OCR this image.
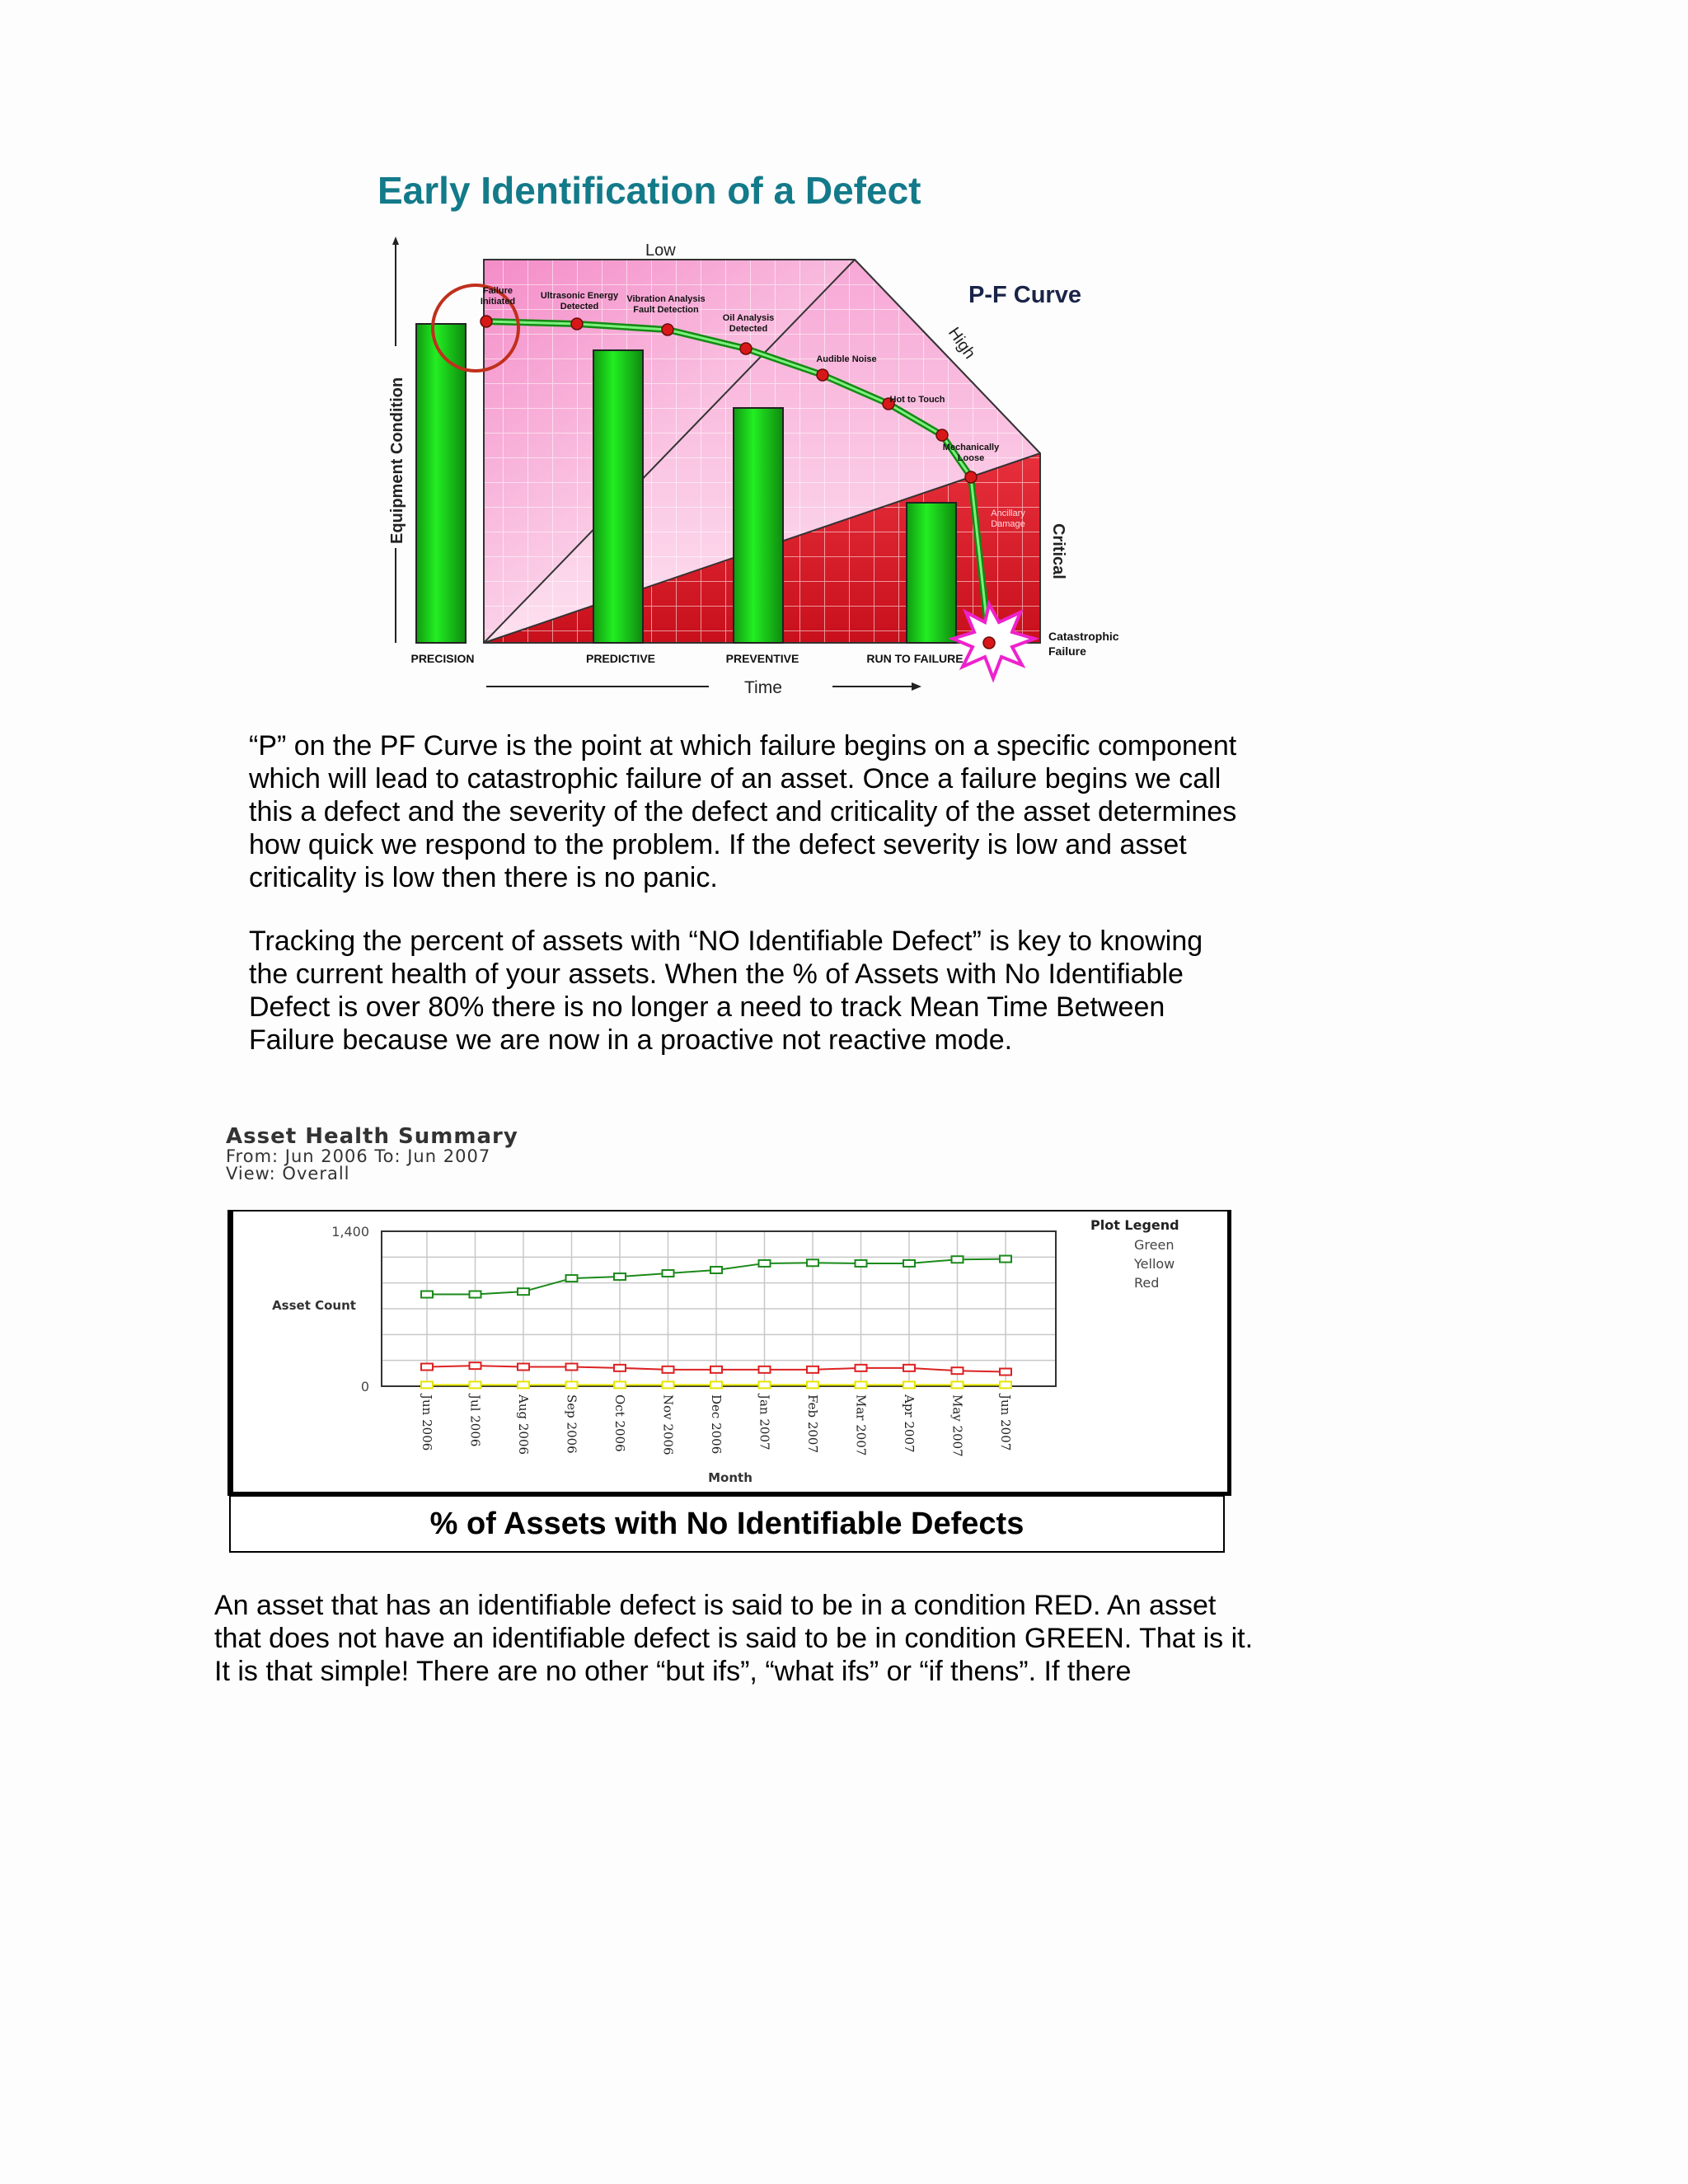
Early Identification of a Defect
Failure Initiated
Ultrasonic Energy Detected
Vibration Analysis Fault Detection
Oil Analysis Detected
Audible Noise
Hot to Touch
Mechanically Loose
Ancillary Damage
Catastrophic Failure
P-F Curve
Low
High
Critical
Equipment Condition
PRECISION	PREDICTIVE	PREVENTIVE	RUN TO FAILURE
Time
“P” on the PF Curve is the point at which failure begins on a specific component which will lead to catastrophic failure of an asset. Once a failure begins we call this a defect and the severity of the defect and criticality of the asset determines how quick we respond to the problem. If the defect severity is low and asset criticality is low then there is no panic.
Tracking the percent of assets with “NO Identifiable Defect” is key to knowing the current health of your assets. When the % of Assets with No Identifiable Defect is over 80% there is no longer a need to track Mean Time Between Failure because we are now in a proactive not reactive mode.
Asset Health Summary
From: Jun 2006 To: Jun 2007
View: Overall
1,400
0
Asset Count
Jun 2006	Jul 2006	Aug 2006	Sep 2006	Oct 2006	Nov 2006	Dec 2006	Jan 2007	Feb 2007	Mar 2007	Apr 2007	May 2007	Jun 2007
Month
Plot Legend
Green
Yellow
Red
% of Assets with No Identifiable Defects
An asset that has an identifiable defect is said to be in a condition RED. An asset that does not have an identifiable defect is said to be in condition GREEN. That is it. It is that simple! There are no other “but ifs”, “what ifs” or “if thens”. If there
